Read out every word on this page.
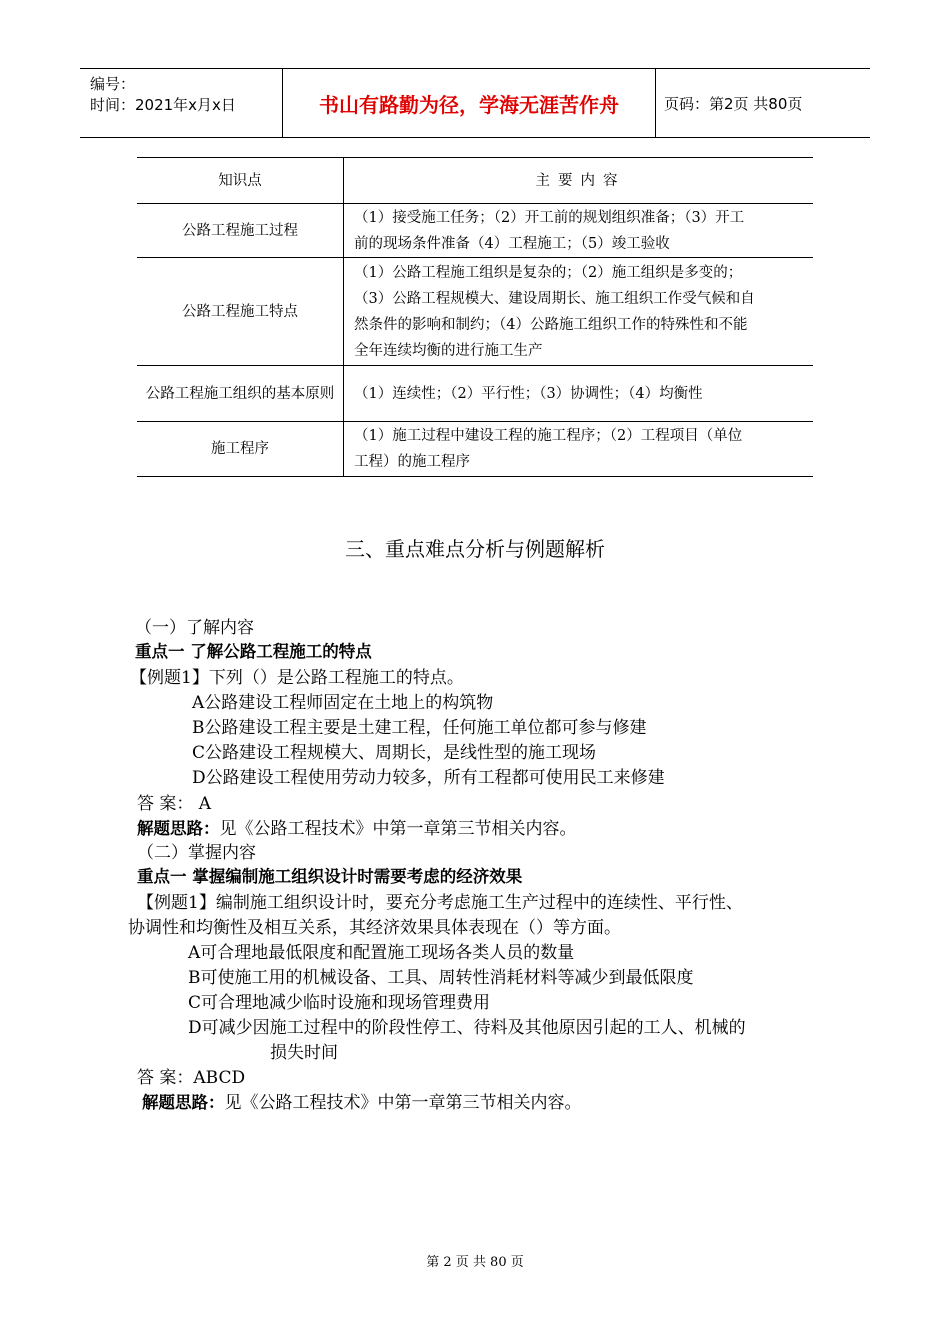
编号：
时间：2021年x月x日	书山有路勤为径，学海无涯苦作舟	页码：第2页 共80页
知识点	主要内容
公路工程施工过程	（1）接受施工任务；（2）开工前的规划组织准备；（3）开工
前的现场条件准备（4）工程施工；（5）竣工验收

公路工程施工特点	（1）公路工程施工组织是复杂的；（2）施工组织是多变的；
（3）公路工程规模大、建设周期长、施工组织工作受气候和自
然条件的影响和制约；（4）公路施工组织工作的特殊性和不能
全年连续均衡的进行施工生产

公路工程施工组织的基本原则	（1）连续性；（2）平行性；（3）协调性；（4）均衡性

施工程序	（1）施工过程中建设工程的施工程序；（2）工程项目（单位
工程）的施工程序
三、重点难点分析与例题解析
（一）了解内容
重点一 了解公路工程施工的特点
【例题1】下列（）是公路工程施工的特点。
A公路建设工程师固定在土地上的构筑物
B公路建设工程主要是土建工程，任何施工单位都可参与修建
C公路建设工程规模大、周期长，是线性型的施工现场
D公路建设工程使用劳动力较多，所有工程都可使用民工来修建
答 案： A
解题思路：见《公路工程技术》中第一章第三节相关内容。
（二）掌握内容
重点一 掌握编制施工组织设计时需要考虑的经济效果
【例题1】编制施工组织设计时，要充分考虑施工生产过程中的连续性、平行性、
协调性和均衡性及相互关系，其经济效果具体表现在（）等方面。
A可合理地最低限度和配置施工现场各类人员的数量
B可使施工用的机械设备、工具、周转性消耗材料等减少到最低限度
C可合理地减少临时设施和现场管理费用
D可减少因施工过程中的阶段性停工、待料及其他原因引起的工人、机械的
损失时间
答 案：ABCD
解题思路：见《公路工程技术》中第一章第三节相关内容。
第 2 页 共 80 页
